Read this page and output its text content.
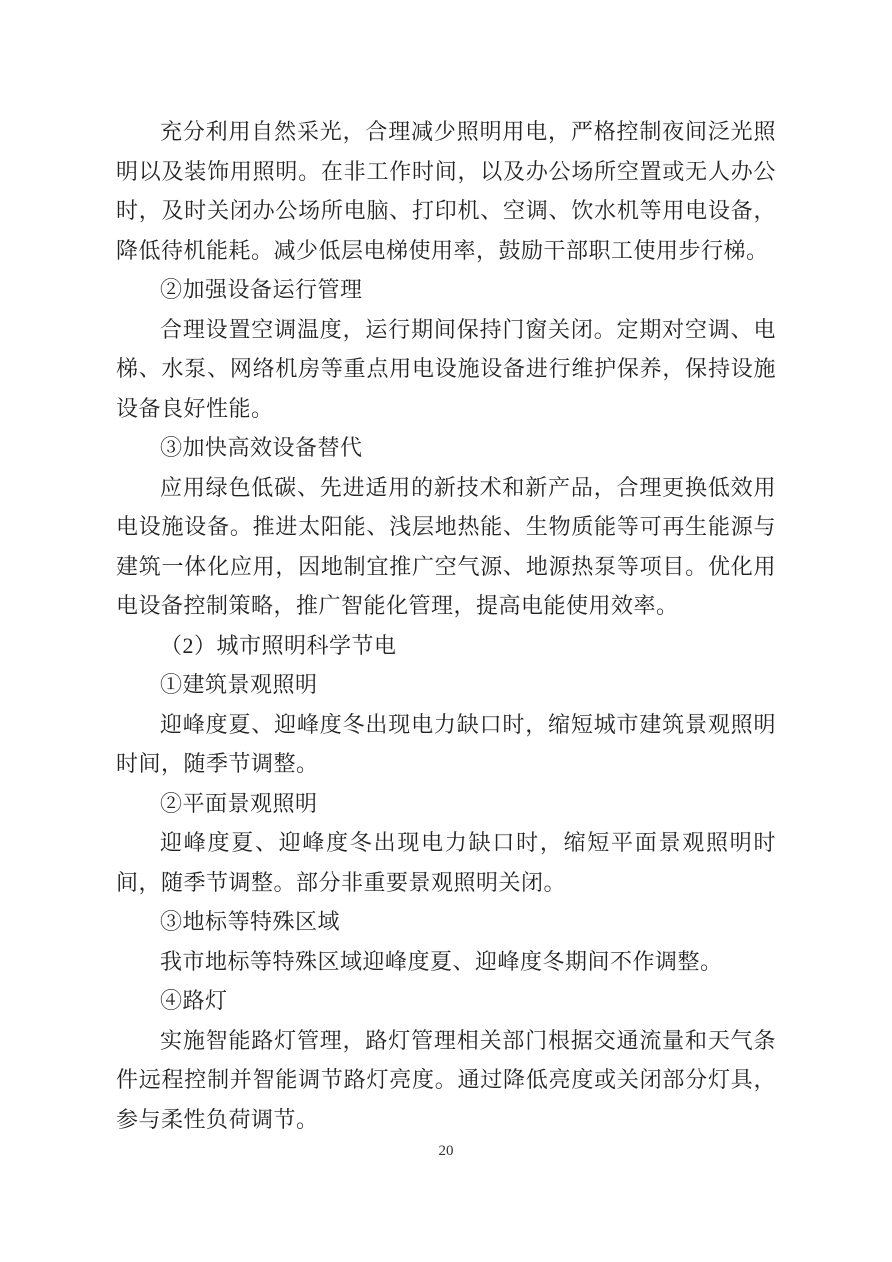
充分利用自然采光，合理减少照明用电，严格控制夜间泛光照明以及装饰用照明。在非工作时间，以及办公场所空置或无人办公时，及时关闭办公场所电脑、打印机、空调、饮水机等用电设备，降低待机能耗。减少低层电梯使用率，鼓励干部职工使用步行梯。

②加强设备运行管理

合理设置空调温度，运行期间保持门窗关闭。定期对空调、电梯、水泵、网络机房等重点用电设施设备进行维护保养，保持设施设备良好性能。

③加快高效设备替代

应用绿色低碳、先进适用的新技术和新产品，合理更换低效用电设施设备。推进太阳能、浅层地热能、生物质能等可再生能源与建筑一体化应用，因地制宜推广空气源、地源热泵等项目。优化用电设备控制策略，推广智能化管理，提高电能使用效率。

（2）城市照明科学节电

①建筑景观照明

迎峰度夏、迎峰度冬出现电力缺口时，缩短城市建筑景观照明时间，随季节调整。

②平面景观照明

迎峰度夏、迎峰度冬出现电力缺口时，缩短平面景观照明时间，随季节调整。部分非重要景观照明关闭。

③地标等特殊区域

我市地标等特殊区域迎峰度夏、迎峰度冬期间不作调整。

④路灯

实施智能路灯管理，路灯管理相关部门根据交通流量和天气条件远程控制并智能调节路灯亮度。通过降低亮度或关闭部分灯具，参与柔性负荷调节。

20
